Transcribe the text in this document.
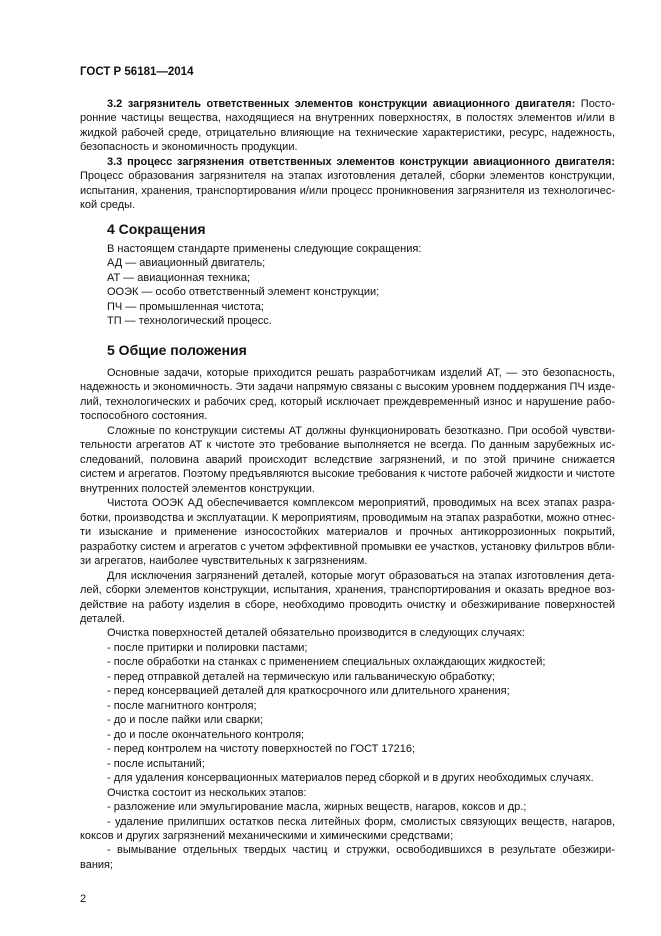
ГОСТ Р 56181—2014
3.2 загрязнитель ответственных элементов конструкции авиационного двигателя: Посто-
ронние частицы вещества, находящиеся на внутренних поверхностях, в полостях элементов и/или в
жидкой рабочей среде, отрицательно влияющие на технические характеристики, ресурс, надежность,
безопасность и экономичность продукции.
3.3 процесс загрязнения ответственных элементов конструкции авиационного двигателя:
Процесс образования загрязнителя на этапах изготовления деталей, сборки элементов конструкции,
испытания, хранения, транспортирования и/или процесс проникновения загрязнителя из технологичес-
кой среды.
4 Сокращения
В настоящем стандарте применены следующие сокращения:
АД — авиационный двигатель;
АТ — авиационная техника;
ООЭК — особо ответственный элемент конструкции;
ПЧ — промышленная чистота;
ТП — технологический процесс.
5 Общие положения
Основные задачи, которые приходится решать разработчикам изделий АТ, — это безопасность,
надежность и экономичность. Эти задачи напрямую связаны с высоким уровнем поддержания ПЧ изде-
лий, технологических и рабочих сред, который исключает преждевременный износ и нарушение рабо-
тоспособного состояния.
Сложные по конструкции системы АТ должны функционировать безотказно. При особой чувстви-
тельности агрегатов АТ к чистоте это требование выполняется не всегда. По данным зарубежных ис-
следований, половина аварий происходит вследствие загрязнений, и по этой причине снижается
систем и агрегатов. Поэтому предъявляются высокие требования к чистоте рабочей жидкости и чистоте
внутренних полостей элементов конструкции.
Чистота ООЭК АД обеспечивается комплексом мероприятий, проводимых на всех этапах разра-
ботки, производства и эксплуатации. К мероприятиям, проводимым на этапах разработки, можно отнес-
ти изыскание и применение износостойких материалов и прочных антикоррозионных покрытий,
разработку систем и агрегатов с учетом эффективной промывки ее участков, установку фильтров вбли-
зи агрегатов, наиболее чувствительных к загрязнениям.
Для исключения загрязнений деталей, которые могут образоваться на этапах изготовления дета-
лей, сборки элементов конструкции, испытания, хранения, транспортирования и оказать вредное воз-
действие на работу изделия в сборе, необходимо проводить очистку и обезжиривание поверхностей
деталей.
Очистка поверхностей деталей обязательно производится в следующих случаях:
- после притирки и полировки пастами;
- после обработки на станках с применением специальных охлаждающих жидкостей;
- перед отправкой деталей на термическую или гальваническую обработку;
- перед консервацией деталей для краткосрочного или длительного хранения;
- после магнитного контроля;
- до и после пайки или сварки;
- до и после окончательного контроля;
- перед контролем на чистоту поверхностей по ГОСТ 17216;
- после испытаний;
- для удаления консервационных материалов перед сборкой и в других необходимых случаях.
Очистка состоит из нескольких этапов:
- разложение или эмульгирование масла, жирных веществ, нагаров, коксов и др.;
- удаление прилипших остатков песка литейных форм, смолистых связующих веществ, нагаров,
коксов и других загрязнений механическими и химическими средствами;
- вымывание отдельных твердых частиц и стружки, освободившихся в результате обезжири-
вания;
2
